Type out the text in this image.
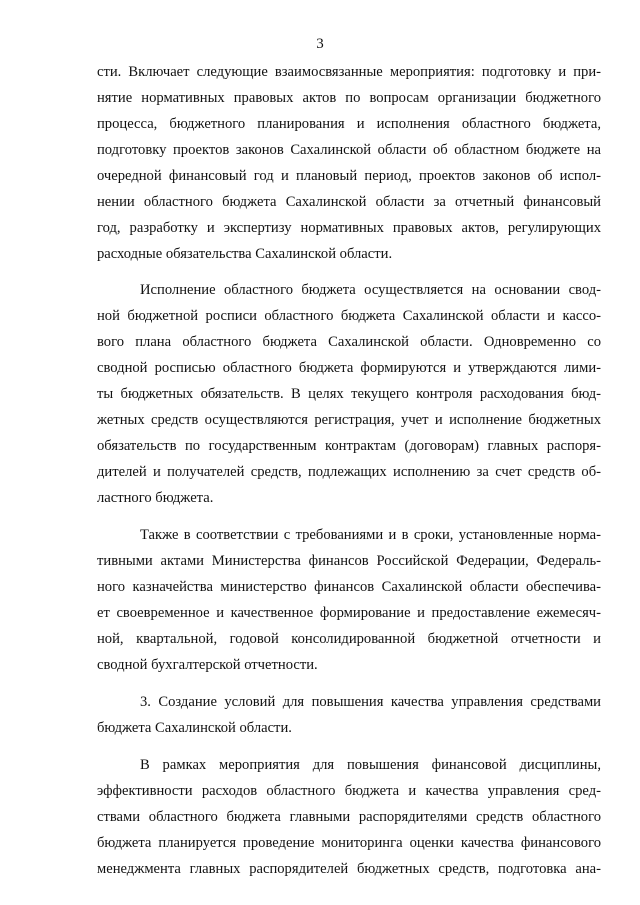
3

сти. Включает следующие взаимосвязанные мероприятия: подготовку и при-
нятие нормативных правовых актов по вопросам организации бюджетного
процесса, бюджетного планирования и исполнения областного бюджета,
подготовку проектов законов Сахалинской области об областном бюджете на
очередной финансовый год и плановый период, проектов законов об испол-
нении областного бюджета Сахалинской области за отчетный финансовый
год, разработку и экспертизу нормативных правовых актов, регулирующих
расходные обязательства Сахалинской области.
Исполнение областного бюджета осуществляется на основании свод-
ной бюджетной росписи областного бюджета Сахалинской области и кассо-
вого плана областного бюджета Сахалинской области. Одновременно со
сводной росписью областного бюджета формируются и утверждаются лими-
ты бюджетных обязательств. В целях текущего контроля расходования бюд-
жетных средств осуществляются регистрация, учет и исполнение бюджетных
обязательств по государственным контрактам (договорам) главных распоря-
дителей и получателей средств, подлежащих исполнению за счет средств об-
ластного бюджета.
Также в соответствии с требованиями и в сроки, установленные норма-
тивными актами Министерства финансов Российской Федерации, Федераль-
ного казначейства министерство финансов Сахалинской области обеспечива-
ет своевременное и качественное формирование и предоставление ежемесяч-
ной, квартальной, годовой консолидированной бюджетной отчетности и
сводной бухгалтерской отчетности.
3. Создание условий для повышения качества управления средствами
бюджета Сахалинской области.
В рамках мероприятия для повышения финансовой дисциплины,
эффективности расходов областного бюджета и качества управления сред-
ствами областного бюджета главными распорядителями средств областного
бюджета планируется проведение мониторинга оценки качества финансового
менеджмента главных распорядителей бюджетных средств, подготовка ана-
